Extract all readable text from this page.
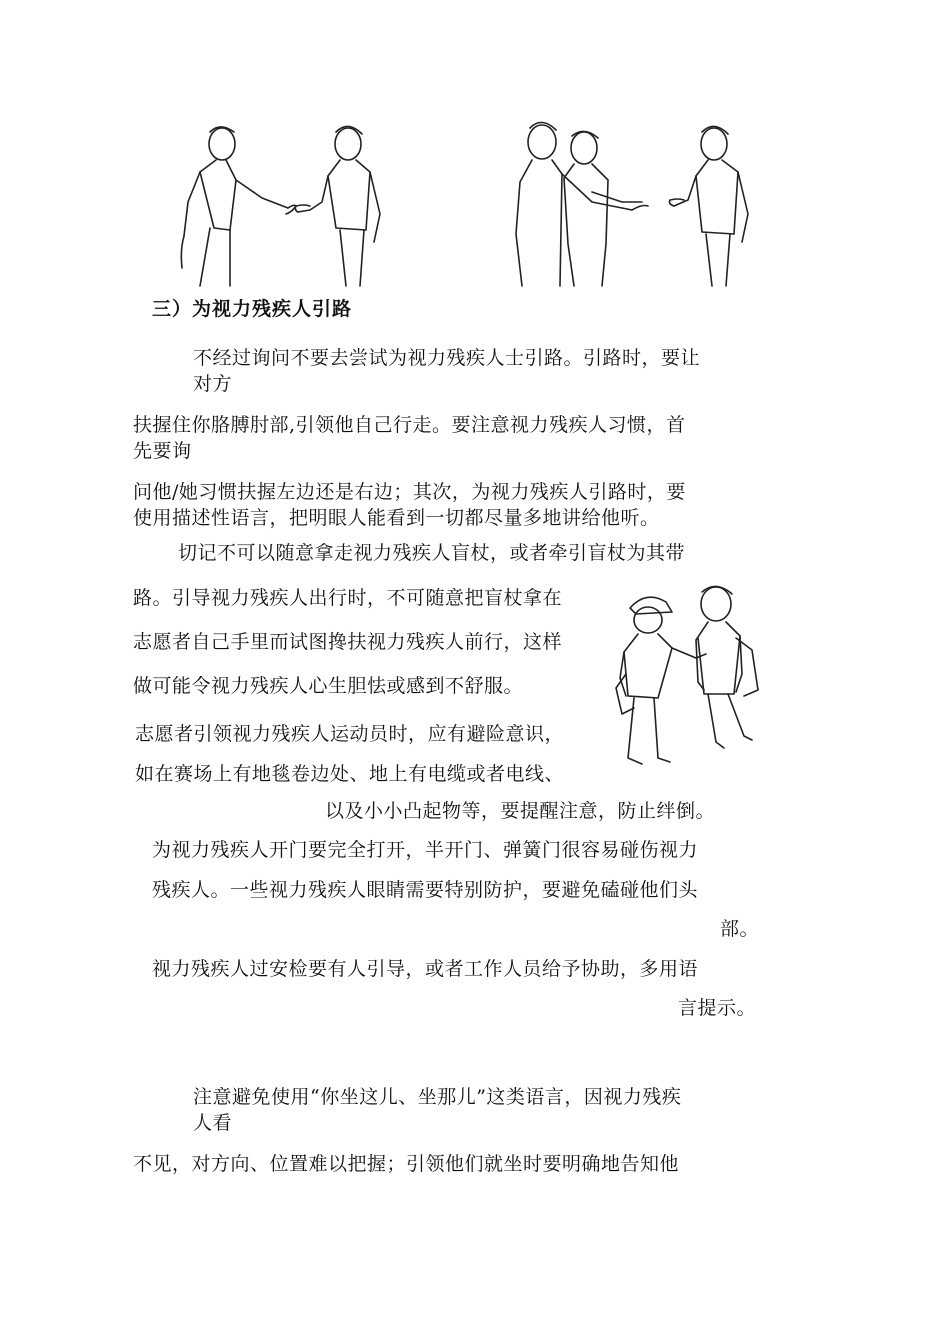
三）为视力残疾人引路
不经过询问不要去尝试为视力残疾人士引路。引路时，要让
对方
扶握住你胳膊肘部,引领他自己行走。要注意视力残疾人习惯，首
先要询
问他/她习惯扶握左边还是右边；其次，为视力残疾人引路时，要
使用描述性语言，把明眼人能看到一切都尽量多地讲给他听。
切记不可以随意拿走视力残疾人盲杖，或者牵引盲杖为其带
路。引导视力残疾人出行时，不可随意把盲杖拿在
志愿者自己手里而试图搀扶视力残疾人前行，这样
做可能令视力残疾人心生胆怯或感到不舒服。
志愿者引领视力残疾人运动员时，应有避险意识，
如在赛场上有地毯卷边处、地上有电缆或者电线、
以及小小凸起物等，要提醒注意，防止绊倒。
为视力残疾人开门要完全打开，半开门、弹簧门很容易碰伤视力
残疾人。一些视力残疾人眼睛需要特别防护，要避免磕碰他们头
部。
视力残疾人过安检要有人引导，或者工作人员给予协助，多用语
言提示。
注意避免使用“你坐这儿、坐那儿”这类语言，因视力残疾
人看
不见，对方向、位置难以把握；引领他们就坐时要明确地告知他
